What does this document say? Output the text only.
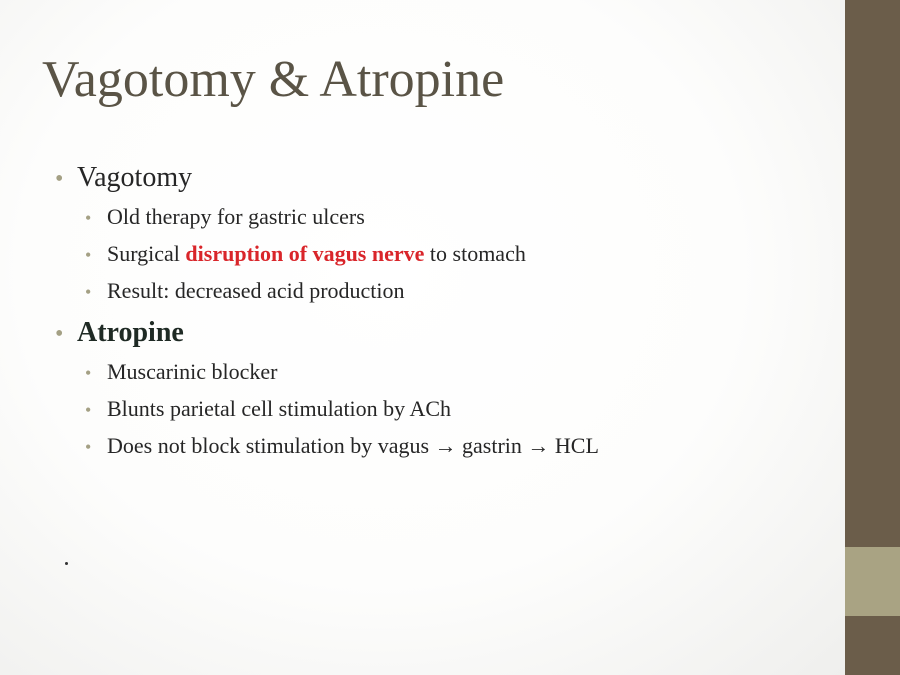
Vagotomy & Atropine
• Vagotomy
• Old therapy for gastric ulcers
• Surgical disruption of vagus nerve to stomach
• Result: decreased acid production
• Atropine
• Muscarinic blocker
• Blunts parietal cell stimulation by ACh
• Does not block stimulation by vagus → gastrin → HCL
